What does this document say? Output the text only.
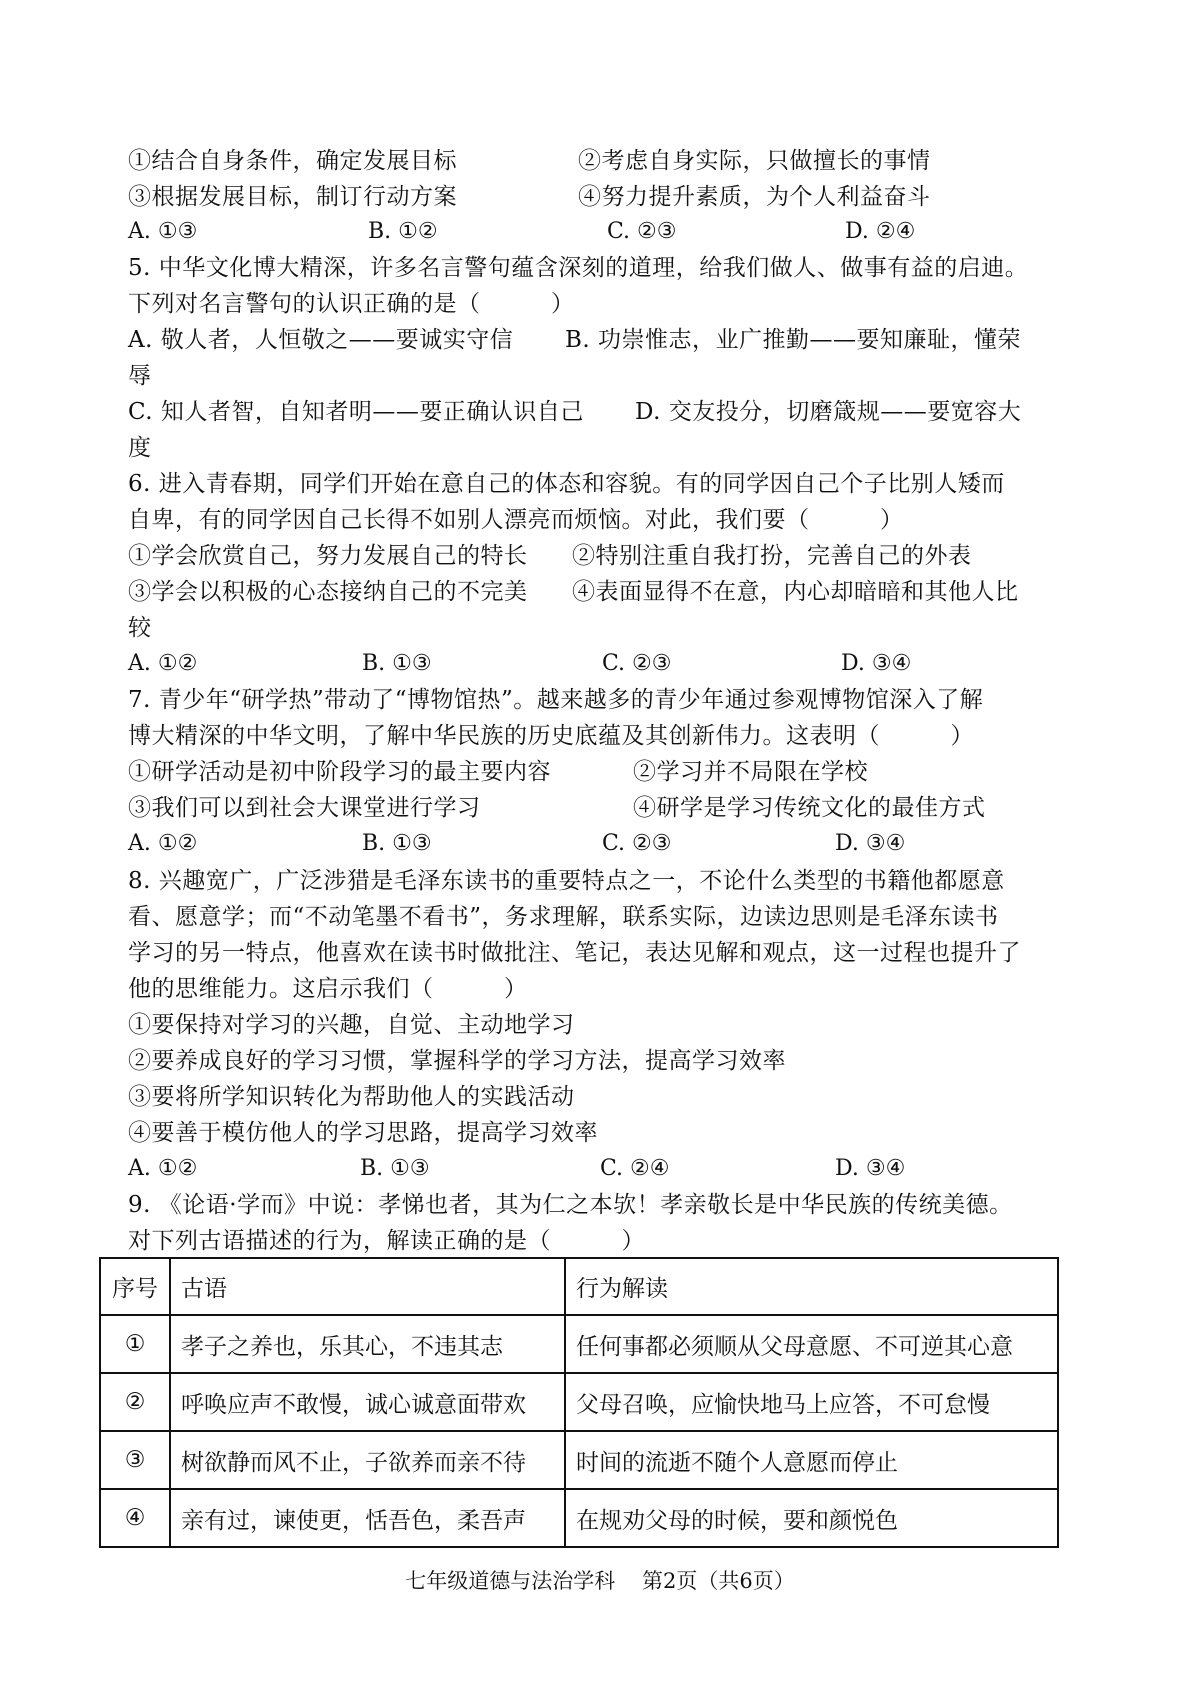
①结合自身条件，确定发展目标	②考虑自身实际，只做擅长的事情
③根据发展目标，制订行动方案	④努力提升素质，为个人利益奋斗
A. ①③	B. ①②	C. ②③	D. ②④
5. 中华文化博大精深，许多名言警句蕴含深刻的道理，给我们做人、做事有益的启迪。
下列对名言警句的认识正确的是（　　　）
A. 敬人者，人恒敬之——要诚实守信 B. 功崇惟志，业广推勤——要知廉耻，懂荣
辱
C. 知人者智，自知者明——要正确认识自己 D. 交友投分，切磨箴规——要宽容大
度
6. 进入青春期，同学们开始在意自己的体态和容貌。有的同学因自己个子比别人矮而
自卑，有的同学因自己长得不如别人漂亮而烦恼。对此，我们要（　　　）
①学会欣赏自己，努力发展自己的特长 ②特别注重自我打扮，完善自己的外表
③学会以积极的心态接纳自己的不完美 ④表面显得不在意，内心却暗暗和其他人比
较
A. ①②	B. ①③	C. ②③	D. ③④
7. 青少年“研学热”带动了“博物馆热”。越来越多的青少年通过参观博物馆深入了解
博大精深的中华文明，了解中华民族的历史底蕴及其创新伟力。这表明（　　　）
①研学活动是初中阶段学习的最主要内容	②学习并不局限在学校
③我们可以到社会大课堂进行学习	④研学是学习传统文化的最佳方式
A. ①②	B. ①③	C. ②③	D. ③④
8. 兴趣宽广，广泛涉猎是毛泽东读书的重要特点之一，不论什么类型的书籍他都愿意
看、愿意学；而“不动笔墨不看书”，务求理解，联系实际，边读边思则是毛泽东读书
学习的另一特点，他喜欢在读书时做批注、笔记，表达见解和观点，这一过程也提升了
他的思维能力。这启示我们（　　　）
①要保持对学习的兴趣，自觉、主动地学习
②要养成良好的学习习惯，掌握科学的学习方法，提高学习效率
③要将所学知识转化为帮助他人的实践活动
④要善于模仿他人的学习思路，提高学习效率
A. ①②	B. ①③	C. ②④	D. ③④
9. 《论语·学而》中说：孝悌也者，其为仁之本欤！孝亲敬长是中华民族的传统美德。
对下列古语描述的行为，解读正确的是（　　　）
序号	古语	行为解读
①	孝子之养也，乐其心，不违其志	任何事都必须顺从父母意愿、不可逆其心意
②	呼唤应声不敢慢，诚心诚意面带欢	父母召唤，应愉快地马上应答，不可怠慢
③	树欲静而风不止，子欲养而亲不待	时间的流逝不随个人意愿而停止
④	亲有过，谏使更，恬吾色，柔吾声	在规劝父母的时候，要和颜悦色
七年级道德与法治学科 第2页（共6页）
